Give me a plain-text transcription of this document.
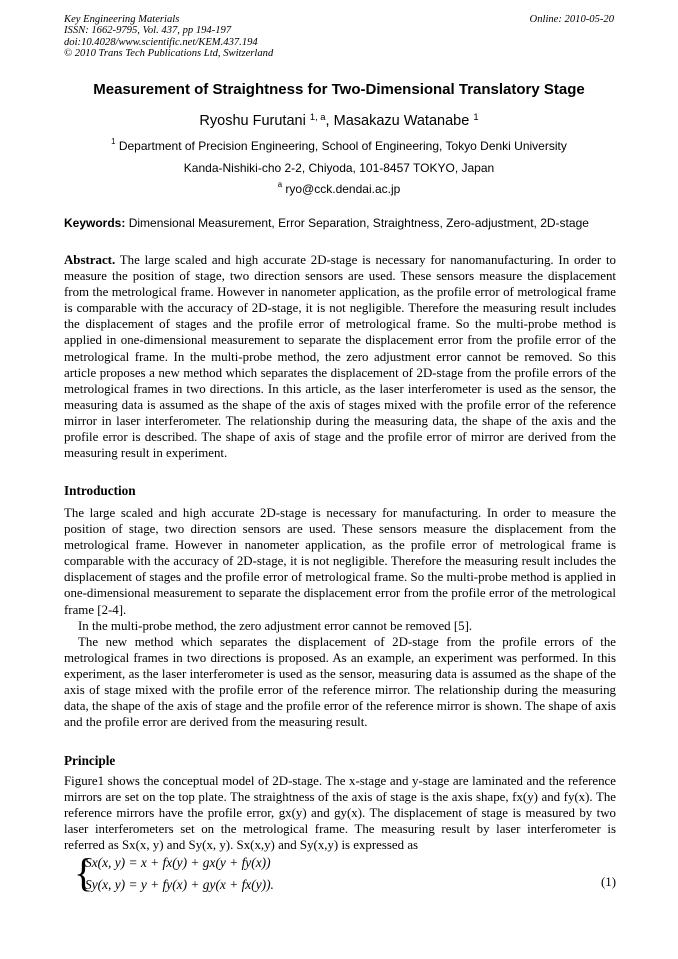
Key Engineering Materials
ISSN: 1662-9795, Vol. 437, pp 194-197
doi:10.4028/www.scientific.net/KEM.437.194
© 2010 Trans Tech Publications Ltd, Switzerland
Online: 2010-05-20
Measurement of Straightness for Two-Dimensional Translatory Stage
Ryoshu Furutani $^{1, a}$, Masakazu Watanabe $^1$
$^1$ Department of Precision Engineering, School of Engineering, Tokyo Denki University
Kanda-Nishiki-cho 2-2, Chiyoda, 101-8457 TOKYO, Japan
$^a$ ryo@cck.dendai.ac.jp
Keywords: Dimensional Measurement, Error Separation, Straightness, Zero-adjustment, 2D-stage
Abstract. The large scaled and high accurate 2D-stage is necessary for nanomanufacturing. In order to measure the position of stage, two direction sensors are used. These sensors measure the displacement from the metrological frame. However in nanometer application, as the profile error of metrological frame is comparable with the accuracy of 2D-stage, it is not negligible. Therefore the measuring result includes the displacement of stages and the profile error of metrological frame. So the multi-probe method is applied in one-dimensional measurement to separate the displacement error from the profile error of the metrological frame. In the multi-probe method, the zero adjustment error cannot be removed. So this article proposes a new method which separates the displacement of 2D-stage from the profile errors of the metrological frames in two directions. In this article, as the laser interferometer is used as the sensor, the measuring data is assumed as the shape of the axis of stages mixed with the profile error of the reference mirror in laser interferometer. The relationship during the measuring data, the shape of the axis and the profile error is described. The shape of axis of stage and the profile error of mirror are derived from the measuring result in experiment.
Introduction
The large scaled and high accurate 2D-stage is necessary for manufacturing. In order to measure the position of stage, two direction sensors are used. These sensors measure the displacement from the metrological frame. However in nanometer application, as the profile error of metrological frame is comparable with the accuracy of 2D-stage, it is not negligible. Therefore the measuring result includes the displacement of stages and the profile error of metrological frame. So the multi-probe method is applied in one-dimensional measurement to separate the displacement error from the profile error of the metrological frame [2-4].
In the multi-probe method, the zero adjustment error cannot be removed [5].
The new method which separates the displacement of 2D-stage from the profile errors of the metrological frames in two directions is proposed. As an example, an experiment was performed. In this experiment, as the laser interferometer is used as the sensor, measuring data is assumed as the shape of the axis of stage mixed with the profile error of the reference mirror. The relationship during the measuring data, the shape of the axis of stage and the profile error of the reference mirror is shown. The shape of axis and the profile error are derived from the measuring result.
Principle
Figure1 shows the conceptual model of 2D-stage. The x-stage and y-stage are laminated and the reference mirrors are set on the top plate. The straightness of the axis of stage is the axis shape, fx(y) and fy(x). The reference mirrors have the profile error, gx(y) and gy(x). The displacement of stage is measured by two laser interferometers set on the metrological frame. The measuring result by laser interferometer is referred as Sx(x, y) and Sy(x, y). Sx(x,y) and Sy(x,y) is expressed as
{
Sx(x, y) = x + fx(y) + gx(y + fy(x))
Sy(x, y) = y + fy(x) + gy(x + fx(y)).	(1)
